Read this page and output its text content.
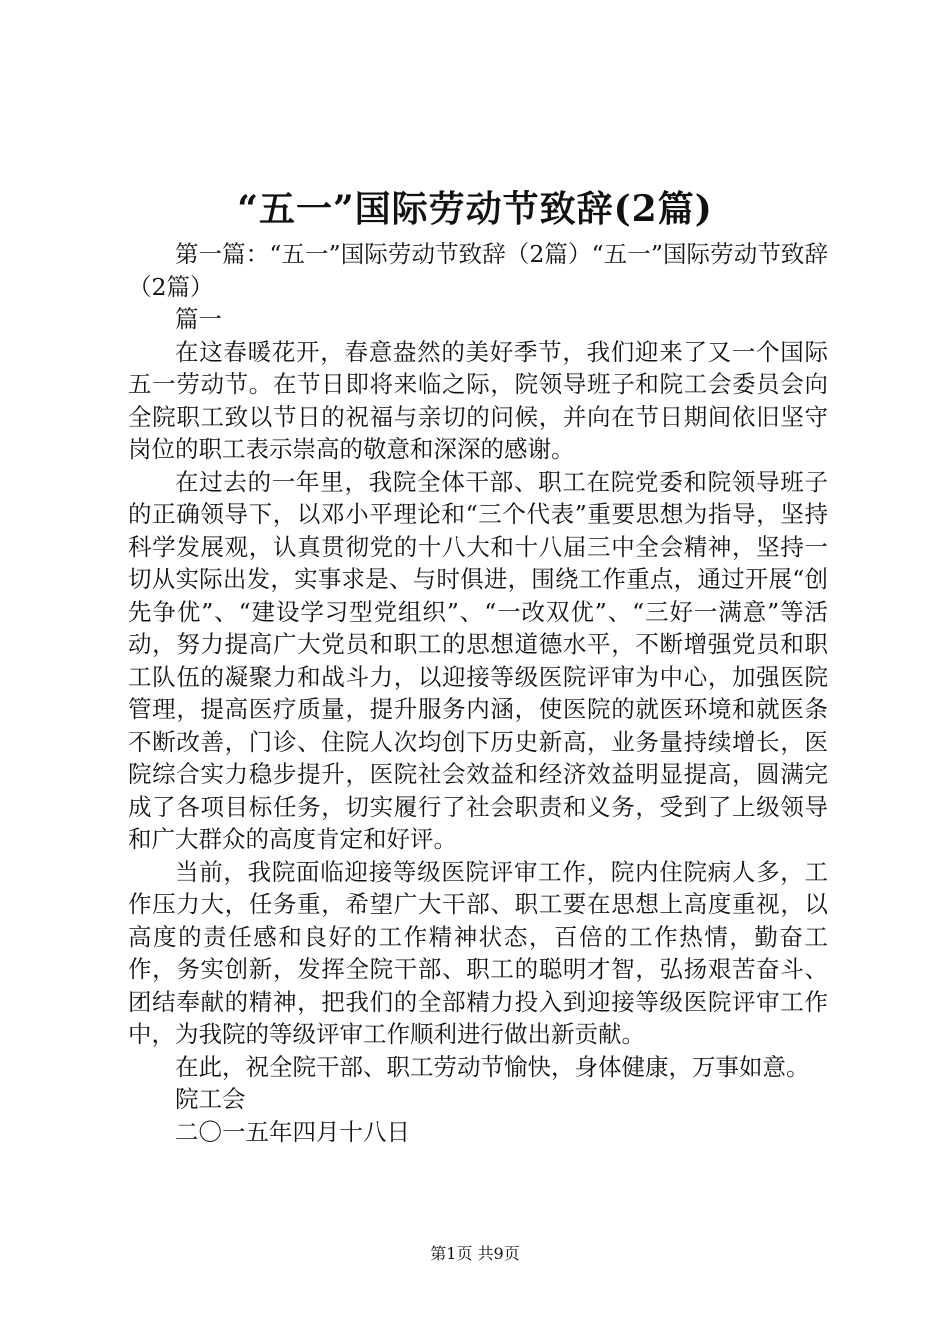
“五一”国际劳动节致辞(2篇)

第一篇：“五一”国际劳动节致辞（2篇）“五一”国际劳动节致辞（2篇）

篇一

在这春暖花开，春意盎然的美好季节，我们迎来了又一个国际五一劳动节。在节日即将来临之际，院领导班子和院工会委员会向全院职工致以节日的祝福与亲切的问候，并向在节日期间依旧坚守岗位的职工表示崇高的敬意和深深的感谢。

在过去的一年里，我院全体干部、职工在院党委和院领导班子的正确领导下，以邓小平理论和“三个代表”重要思想为指导，坚持科学发展观，认真贯彻党的十八大和十八届三中全会精神，坚持一切从实际出发，实事求是、与时俱进，围绕工作重点，通过开展“创先争优”、“建设学习型党组织”、“一改双优”、“三好一满意”等活动，努力提高广大党员和职工的思想道德水平，不断增强党员和职工队伍的凝聚力和战斗力，以迎接等级医院评审为中心，加强医院管理，提高医疗质量，提升服务内涵，使医院的就医环境和就医条不断改善，门诊、住院人次均创下历史新高，业务量持续增长，医院综合实力稳步提升，医院社会效益和经济效益明显提高，圆满完成了各项目标任务，切实履行了社会职责和义务，受到了上级领导和广大群众的高度肯定和好评。

当前，我院面临迎接等级医院评审工作，院内住院病人多，工作压力大，任务重，希望广大干部、职工要在思想上高度重视，以高度的责任感和良好的工作精神状态，百倍的工作热情，勤奋工作，务实创新，发挥全院干部、职工的聪明才智，弘扬艰苦奋斗、团结奉献的精神，把我们的全部精力投入到迎接等级医院评审工作中，为我院的等级评审工作顺利进行做出新贡献。

在此，祝全院干部、职工劳动节愉快，身体健康，万事如意。

院工会

二〇一五年四月十八日

第1页 共9页
